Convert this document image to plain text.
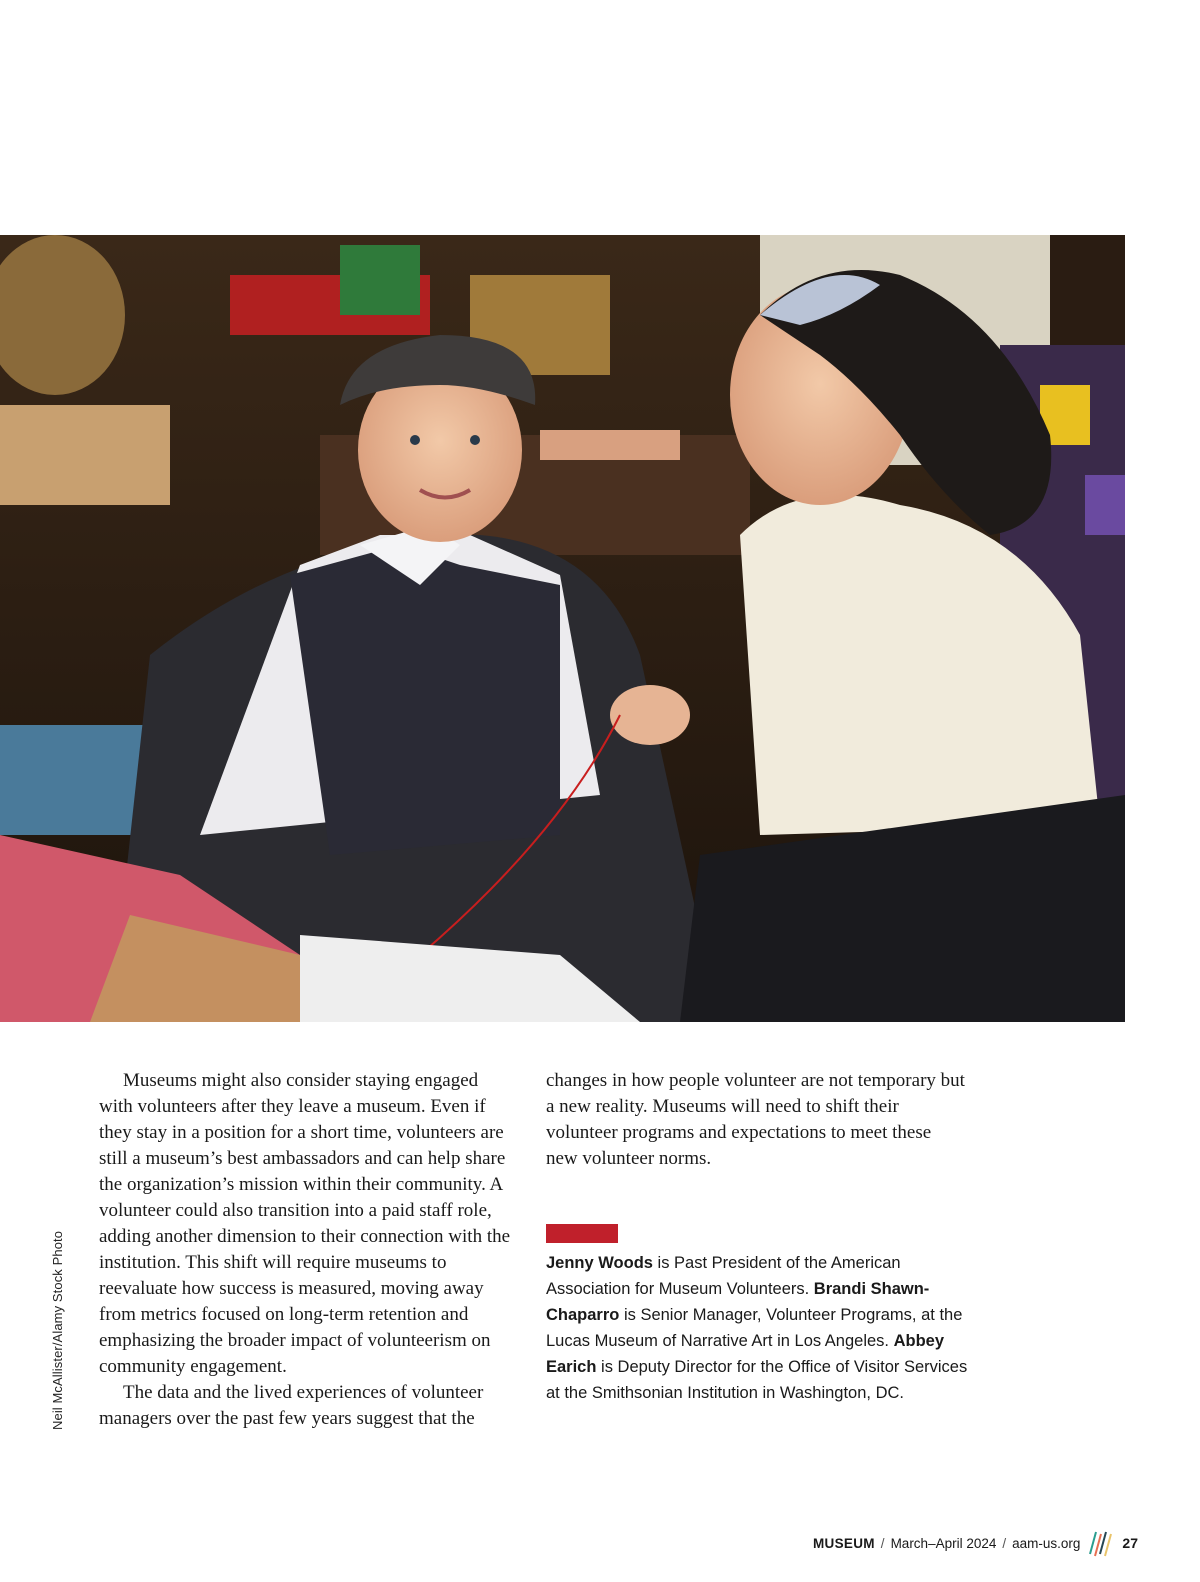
Neil McAllister/Alamy Stock Photo

Museums might also consider staying engaged with volunteers after they leave a museum. Even if they stay in a position for a short time, volunteers are still a museum’s best ambassadors and can help share the organization’s mission within their community. A volunteer could also transition into a paid staff role, adding another dimension to their connection with the institution. This shift will require museums to reevaluate how success is measured, moving away from metrics focused on long-term retention and emphasizing the broader impact of volunteerism on community engagement.

The data and the lived experiences of volunteer managers over the past few years suggest that the

changes in how people volunteer are not temporary but a new reality. Museums will need to shift their volunteer programs and expectations to meet these new volunteer norms.

Jenny Woods is Past President of the American Association for Museum Volunteers. Brandi Shawn-Chaparro is Senior Manager, Volunteer Programs, at the Lucas Museum of Narrative Art in Los Angeles. Abbey Earich is Deputy Director for the Office of Visitor Services at the Smithsonian Institution in Washington, DC.

MUSEUM / March–April 2024 / aam-us.org	27
